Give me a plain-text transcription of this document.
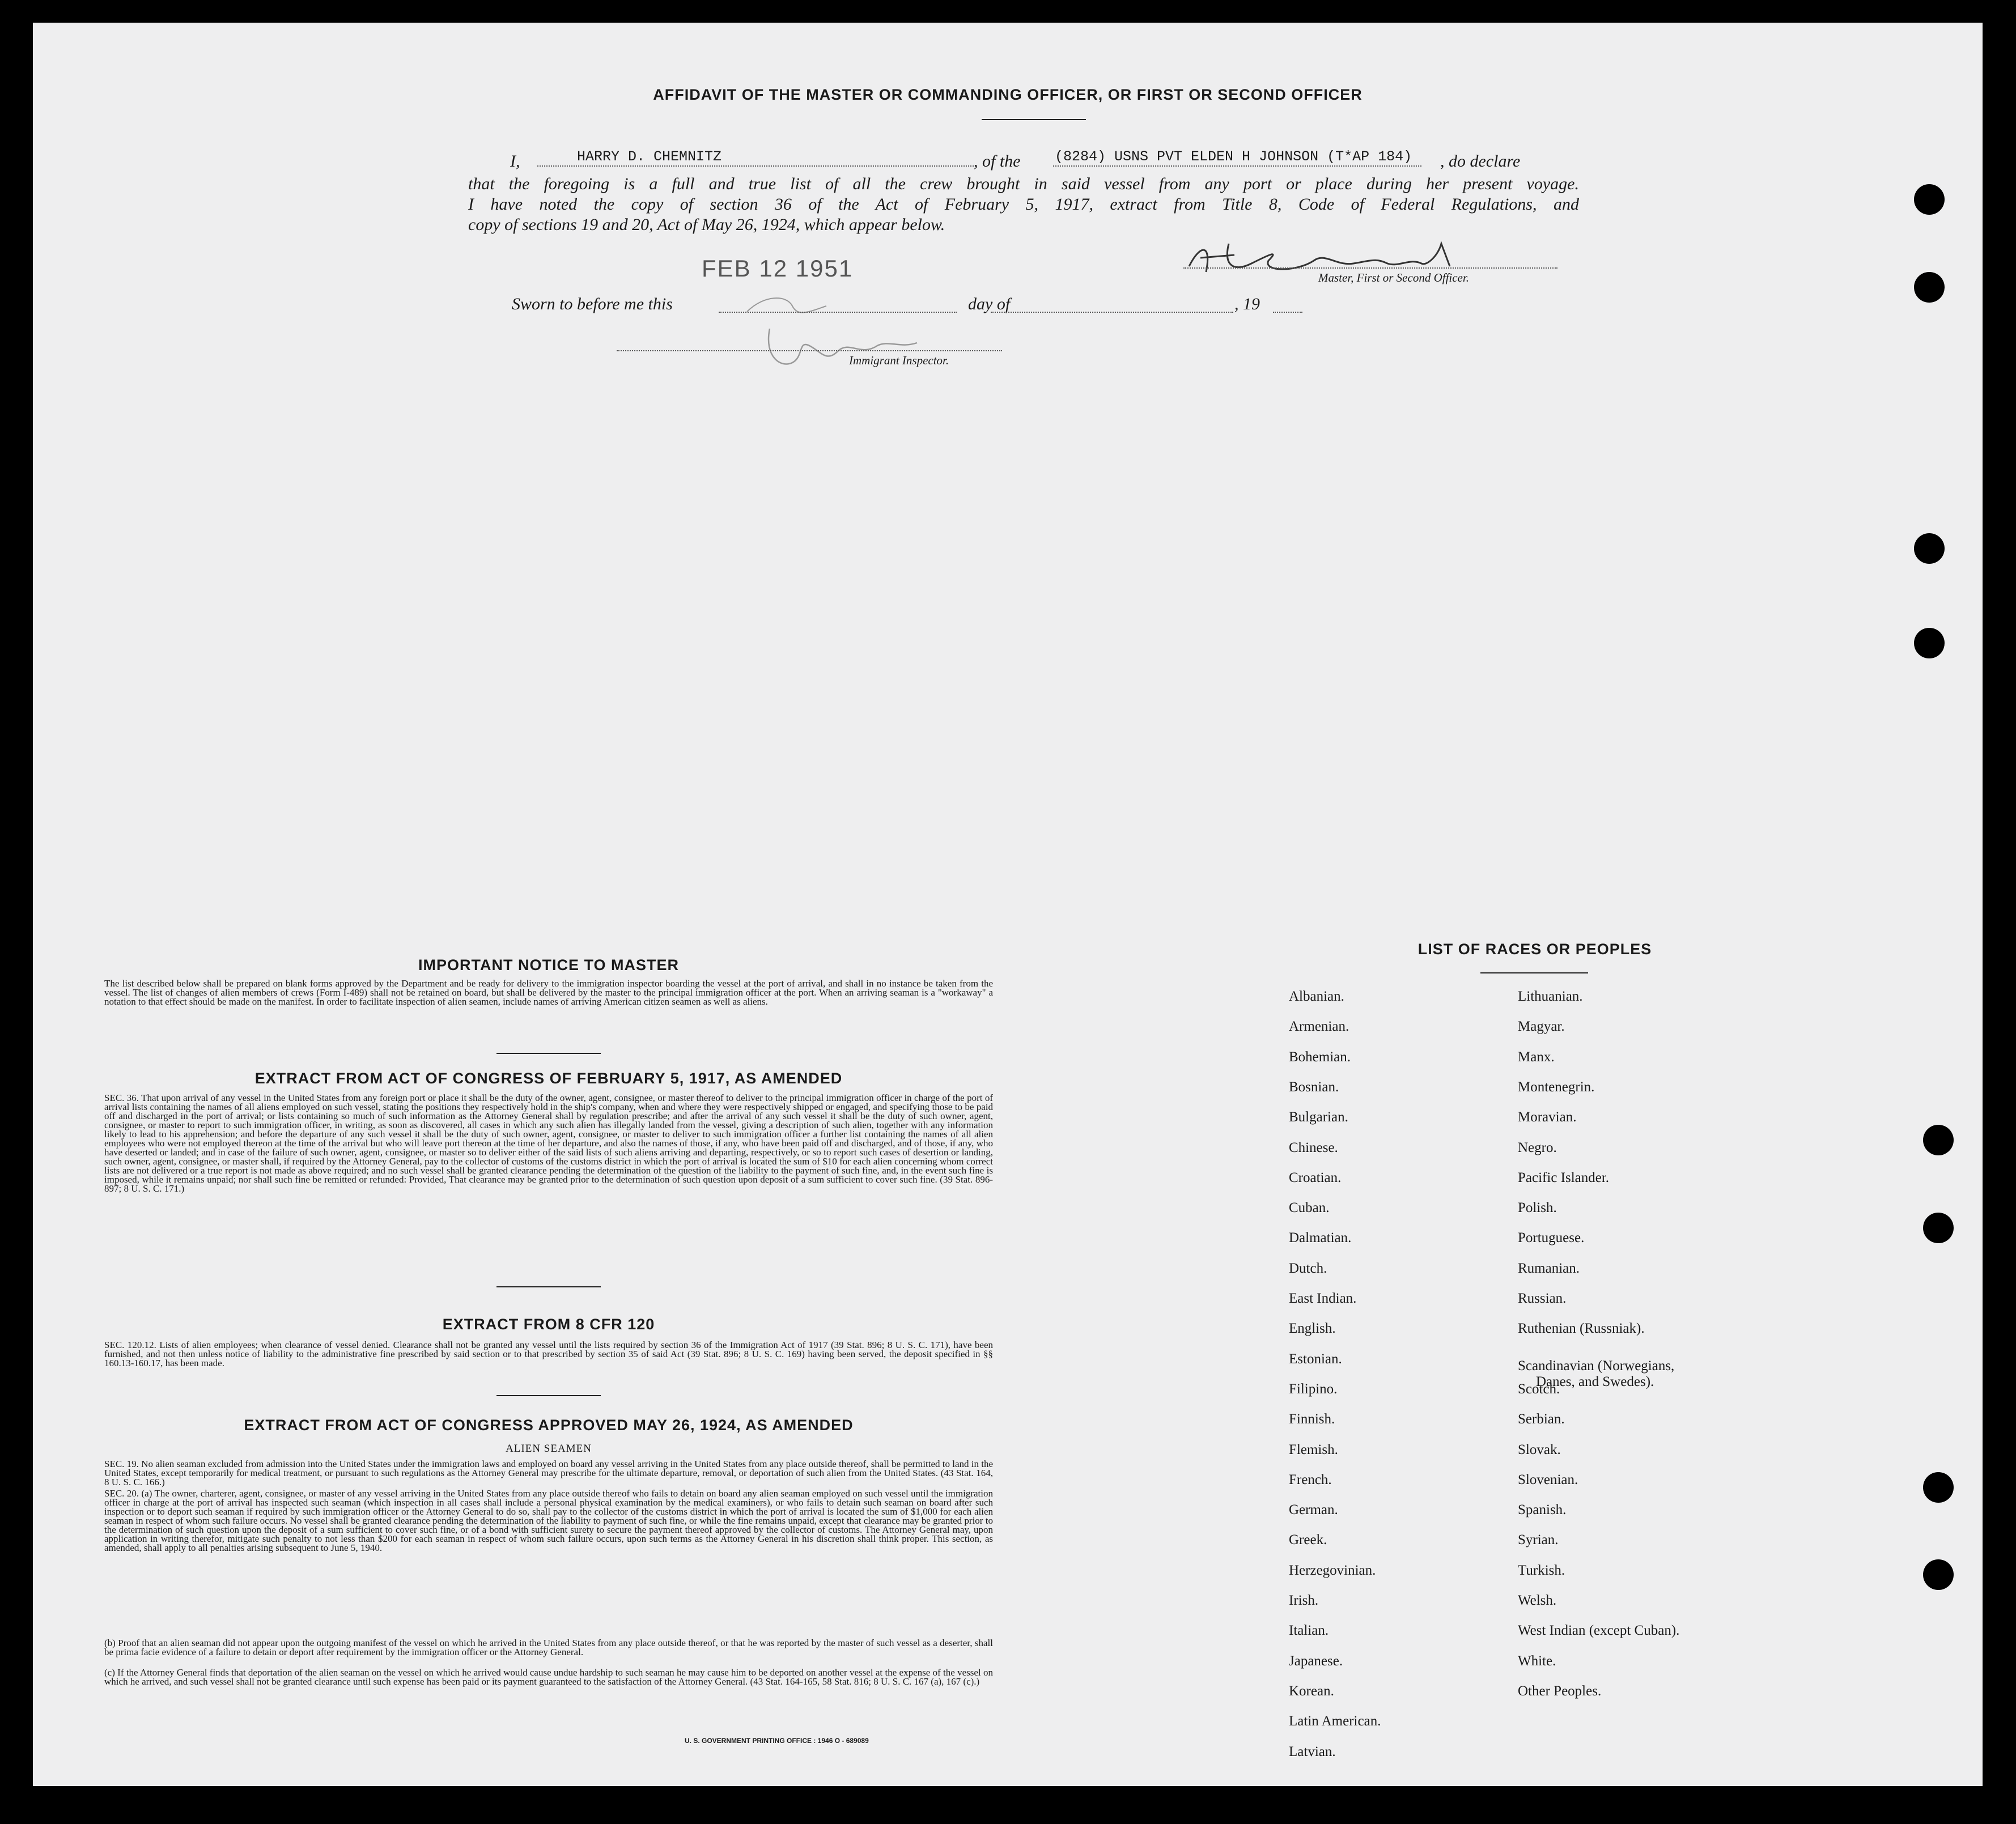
AFFIDAVIT OF THE MASTER OR COMMANDING OFFICER, OR FIRST OR SECOND OFFICER
I,	HARRY D. CHEMNITZ	, of the (8284) USNS PVT ELDEN H JOHNSON (T*AP 184) , do declare
that the foregoing is a full and true list of all the crew brought in said vessel from any port or place during her present voyage.
I have noted the copy of section 36 of the Act of February 5, 1917, extract from Title 8, Code of Federal Regulations, and
copy of sections 19 and 20, Act of May 26, 1924, which appear below.
FEB 12 1951	Master, First or Second Officer.
Sworn to before me this	day of	, 19
Immigrant Inspector.
IMPORTANT NOTICE TO MASTER
The list described below shall be prepared on blank forms approved by the Department and be ready for delivery to the immigration inspector boarding the vessel at the port of arrival, and shall in no instance be taken from the vessel. The list of changes of alien members of crews (Form I-489) shall not be retained on board, but shall be delivered by the master to the principal immigration officer at the port. When an arriving seaman is a "workaway" a notation to that effect should be made on the manifest. In order to facilitate inspection of alien seamen, include names of arriving American citizen seamen as well as aliens.
EXTRACT FROM ACT OF CONGRESS OF FEBRUARY 5, 1917, AS AMENDED
SEC. 36. That upon arrival of any vessel in the United States from any foreign port or place it shall be the duty of the owner, agent, consignee, or master thereof to deliver to the principal immigration officer in charge of the port of arrival lists containing the names of all aliens employed on such vessel, stating the positions they respectively hold in the ship's company, when and where they were respectively shipped or engaged, and specifying those to be paid off and discharged in the port of arrival; or lists containing so much of such information as the Attorney General shall by regulation prescribe; and after the arrival of any such vessel it shall be the duty of such owner, agent, consignee, or master to report to such immigration officer, in writing, as soon as discovered, all cases in which any such alien has illegally landed from the vessel, giving a description of such alien, together with any information likely to lead to his apprehension; and before the departure of any such vessel it shall be the duty of such owner, agent, consignee, or master to deliver to such immigration officer a further list containing the names of all alien employees who were not employed thereon at the time of the arrival but who will leave port thereon at the time of her departure, and also the names of those, if any, who have been paid off and discharged, and of those, if any, who have deserted or landed; and in case of the failure of such owner, agent, consignee, or master so to deliver either of the said lists of such aliens arriving and departing, respectively, or so to report such cases of desertion or landing, such owner, agent, consignee, or master shall, if required by the Attorney General, pay to the collector of customs of the customs district in which the port of arrival is located the sum of $10 for each alien concerning whom correct lists are not delivered or a true report is not made as above required; and no such vessel shall be granted clearance pending the determination of the question of the liability to the payment of such fine, and, in the event such fine is imposed, while it remains unpaid; nor shall such fine be remitted or refunded: Provided, That clearance may be granted prior to the determination of such question upon deposit of a sum sufficient to cover such fine. (39 Stat. 896-897; 8 U. S. C. 171.)
EXTRACT FROM 8 CFR 120
SEC. 120.12. Lists of alien employees; when clearance of vessel denied. Clearance shall not be granted any vessel until the lists required by section 36 of the Immigration Act of 1917 (39 Stat. 896; 8 U. S. C. 171), have been furnished, and not then unless notice of liability to the administrative fine prescribed by said section or to that prescribed by section 35 of said Act (39 Stat. 896; 8 U. S. C. 169) having been served, the deposit specified in §§ 160.13-160.17, has been made.
EXTRACT FROM ACT OF CONGRESS APPROVED MAY 26, 1924, AS AMENDED
ALIEN SEAMEN
SEC. 19. No alien seaman excluded from admission into the United States under the immigration laws and employed on board any vessel arriving in the United States from any place outside thereof, shall be permitted to land in the United States, except temporarily for medical treatment, or pursuant to such regulations as the Attorney General may prescribe for the ultimate departure, removal, or deportation of such alien from the United States. (43 Stat. 164, 8 U. S. C. 166.)
SEC. 20. (a) The owner, charterer, agent, consignee, or master of any vessel arriving in the United States from any place outside thereof who fails to detain on board any alien seaman employed on such vessel until the immigration officer in charge at the port of arrival has inspected such seaman (which inspection in all cases shall include a personal physical examination by the medical examiners), or who fails to detain such seaman on board after such inspection or to deport such seaman if required by such immigration officer or the Attorney General to do so, shall pay to the collector of the customs district in which the port of arrival is located the sum of $1,000 for each alien seaman in respect of whom such failure occurs. No vessel shall be granted clearance pending the determination of the liability to payment of such fine, or while the fine remains unpaid, except that clearance may be granted prior to the determination of such question upon the deposit of a sum sufficient to cover such fine, or of a bond with sufficient surety to secure the payment thereof approved by the collector of customs. The Attorney General may, upon application in writing therefor, mitigate such penalty to not less than $200 for each seaman in respect of whom such failure occurs, upon such terms as the Attorney General in his discretion shall think proper. This section, as amended, shall apply to all penalties arising subsequent to June 5, 1940.
(b) Proof that an alien seaman did not appear upon the outgoing manifest of the vessel on which he arrived in the United States from any place outside thereof, or that he was reported by the master of such vessel as a deserter, shall be prima facie evidence of a failure to detain or deport after requirement by the immigration officer or the Attorney General.
(c) If the Attorney General finds that deportation of the alien seaman on the vessel on which he arrived would cause undue hardship to such seaman he may cause him to be deported on another vessel at the expense of the vessel on which he arrived, and such vessel shall not be granted clearance until such expense has been paid or its payment guaranteed to the satisfaction of the Attorney General. (43 Stat. 164-165, 58 Stat. 816; 8 U. S. C. 167 (a), 167 (c).)
U. S. GOVERNMENT PRINTING OFFICE : 1946 O - 689089
LIST OF RACES OR PEOPLES
Albanian.
Armenian.
Bohemian.
Bosnian.
Bulgarian.
Chinese.
Croatian.
Cuban.
Dalmatian.
Dutch.
East Indian.
English.
Estonian.
Filipino.
Finnish.
Flemish.
French.
German.
Greek.
Herzegovinian.
Irish.
Italian.
Japanese.
Korean.
Latin American.
Latvian.
Lithuanian.
Magyar.
Manx.
Montenegrin.
Moravian.
Negro.
Pacific Islander.
Polish.
Portuguese.
Rumanian.
Russian.
Ruthenian (Russniak).
Scandinavian (Norwegians,
Danes, and Swedes).
Scotch.
Serbian.
Slovak.
Slovenian.
Spanish.
Syrian.
Turkish.
Welsh.
West Indian (except Cuban).
White.
Other Peoples.
